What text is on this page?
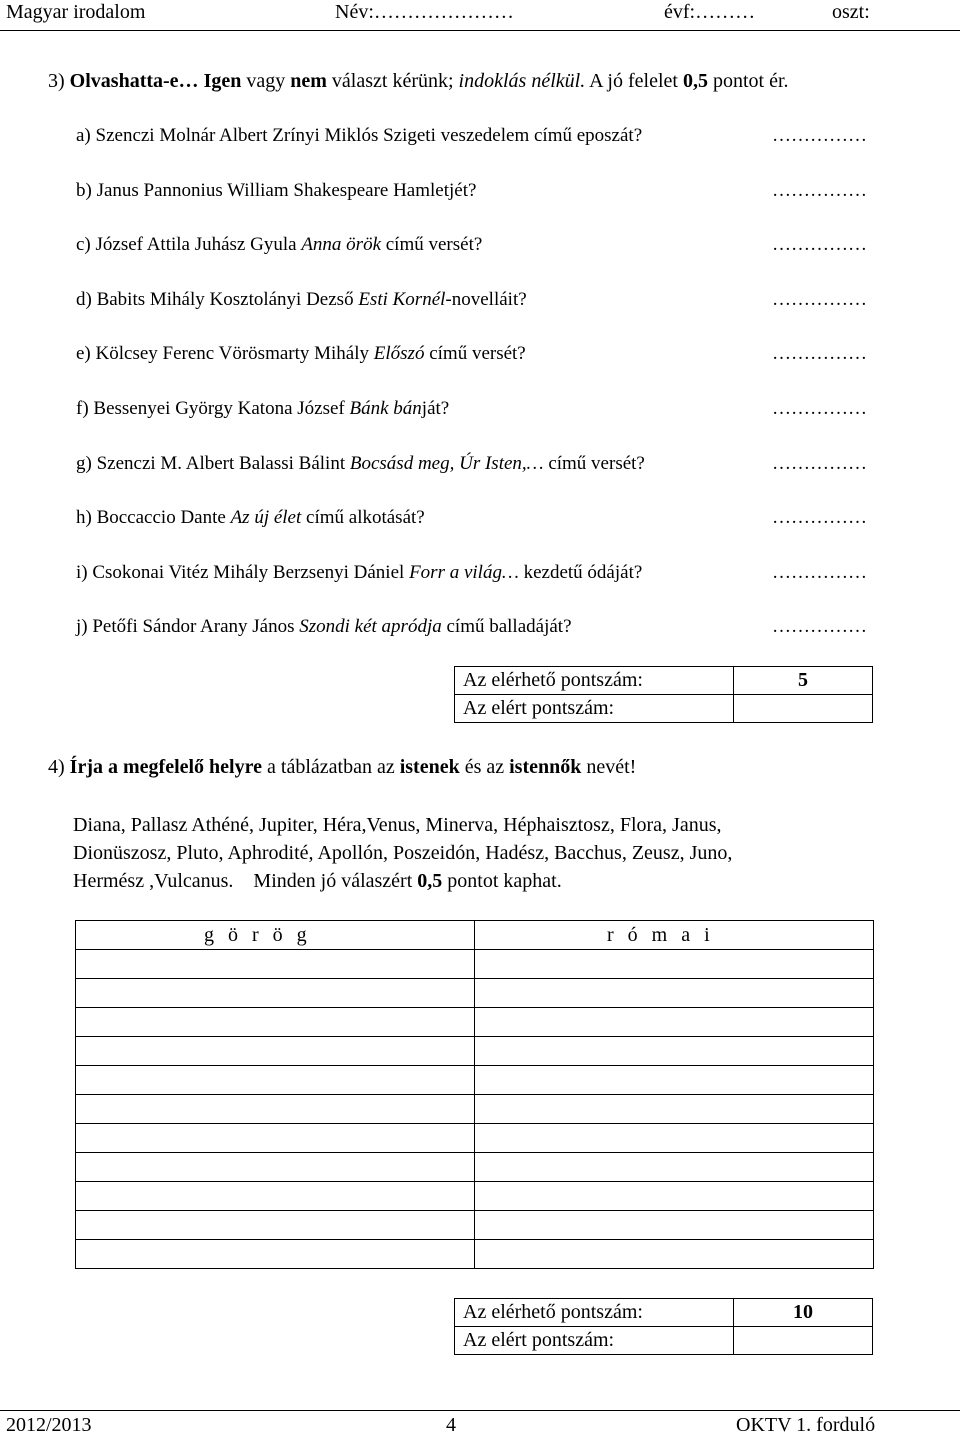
Magyar irodalom	Név:…………………	évf:………	oszt:
3) Olvashatta-e… Igen vagy nem választ kérünk; indoklás nélkül. A jó felelet 0,5 pontot ér.
a) Szenczi Molnár Albert Zrínyi Miklós Szigeti veszedelem című eposzát?	……………
b) Janus Pannonius William Shakespeare Hamletjét?	……………
c) József Attila Juhász Gyula Anna örök című versét?	……………
d) Babits Mihály Kosztolányi Dezső Esti Kornél-novelláit?	……………
e) Kölcsey Ferenc Vörösmarty Mihály Előszó című versét?	……………
f) Bessenyei György Katona József Bánk bánját?	……………
g) Szenczi M. Albert Balassi Bálint Bocsásd meg, Úr Isten,… című versét?	……………
h) Boccaccio Dante Az új élet című alkotását?	……………
i) Csokonai Vitéz Mihály Berzsenyi Dániel Forr a világ… kezdetű ódáját?	……………
j) Petőfi Sándor Arany János Szondi két apródja című balladáját?	……………
Az elérhető pontszám:	5
Az elért pontszám:	
4) Írja a megfelelő helyre a táblázatban az istenek és az istennők nevét!
Diana, Pallasz Athéné, Jupiter, Héra,Venus, Minerva, Héphaisztosz, Flora, Janus,
Dionüszosz, Pluto, Aphrodité, Apollón, Poszeidón, Hadész, Bacchus, Zeusz, Juno,
Hermész ,Vulcanus. Minden jó válaszért 0,5 pontot kaphat.
görög	római

Az elérhető pontszám:	10
Az elért pontszám:	
2012/2013	4	OKTV 1. forduló
